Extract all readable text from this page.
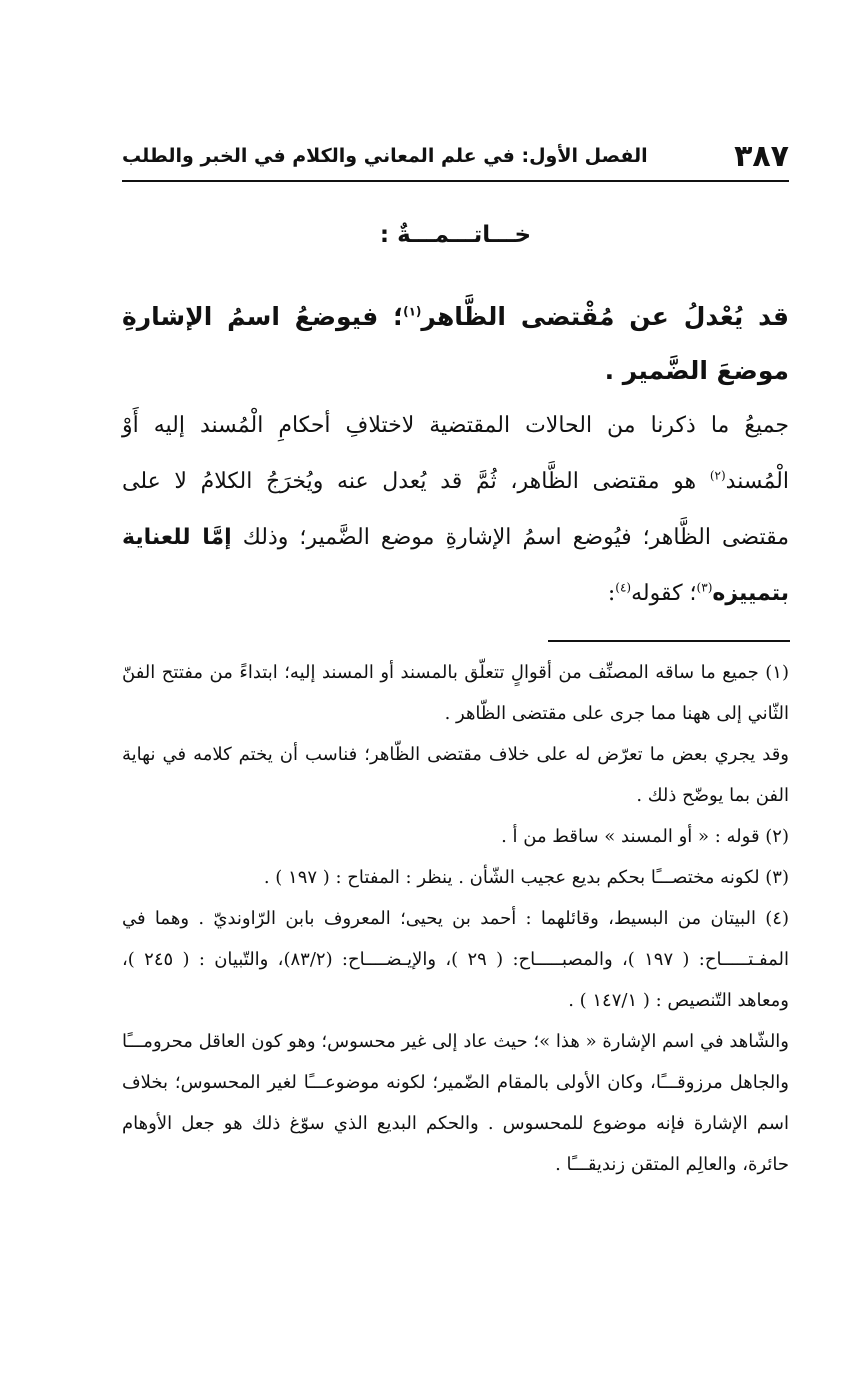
الفصل الأول: في علم المعاني والكلام في الخبر والطلب	٣٨٧
خـــاتـــمـــةٌ :
قد يُعْدلُ عن مُقْتضى الظَّاهر$^{(١)}$؛ فيوضعُ اسمُ الإشارةِ موضعَ الضَّمير .
جميعُ ما ذكرنا من الحالات المقتضية لاختلافِ أحكامِ الْمُسند إليه أَوْ الْمُسند$^{(٢)}$ هو مقتضى الظَّاهر، ثُمَّ قد يُعدل عنه ويُخرَجُ الكلامُ لا على مقتضى الظَّاهر؛ فيُوضع اسمُ الإشارةِ موضع الضَّمير؛ وذلك إمَّا للعناية بتمييزه$^{(٣)}$؛ كقوله$^{(٤)}$:

(١) جميع ما ساقه المصنِّف من أقوالٍ تتعلّق بالمسند أو المسند إليه؛ ابتداءً من مفتتح الفنّ الثّاني إلى ههنا مما جرى على مقتضى الظّاهر .

وقد يجري بعض ما تعرّض له على خلاف مقتضى الظّاهر؛ فناسب أن يختم كلامه في نهاية الفن بما يوضّح ذلك .

(٢) قوله : « أو المسند » ساقط من أ .

(٣) لكونه مختصـــًا بحكم بديع عجيب الشّأن . ينظر : المفتاح : ( ١٩٧ ) .

(٤) البيتان من البسيط، وقائلهما : أحمد بن يحيى؛ المعروف بابن الرّاونديّ . وهما في المفـتـــــاح: ( ١٩٧ )، والمصبـــــاح: ( ٢٩ )، والإيـضــــاح: (٨٣/٢)، والتّبيان : ( ٢٤٥ )، ومعاهد التّنصيص : ( ١٤٧/١ ) .

والشّاهد في اسم الإشارة « هذا »؛ حيث عاد إلى غير محسوس؛ وهو كون العاقل محرومـــًا والجاهل مرزوقـــًا، وكان الأولى بالمقام الضّمير؛ لكونه موضوعـــًا لغير المحسوس؛ بخلاف اسم الإشارة فإنه موضوع للمحسوس . والحكم البديع الذي سوّغ ذلك هو جعل الأوهام حائرة، والعالِم المتقن زنديقـــًا .
